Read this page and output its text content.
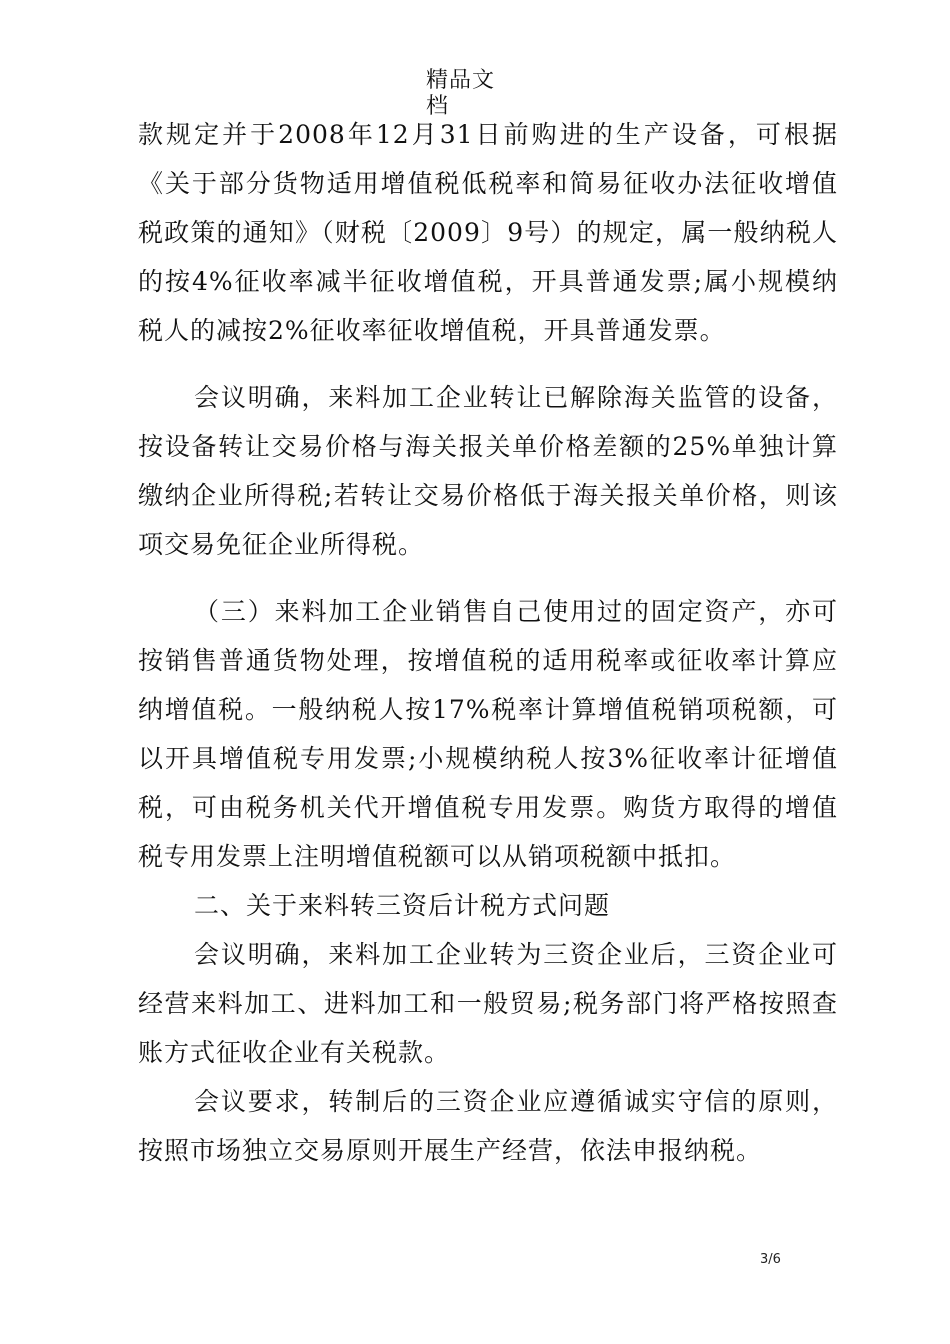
精品文
档

款规定并于2008年12月31日前购进的生产设备，可根据《关于部分货物适用增值税低税率和简易征收办法征收增值税政策的通知》（财税〔2009〕9号）的规定，属一般纳税人的按4%征收率减半征收增值税，开具普通发票;属小规模纳税人的减按2%征收率征收增值税，开具普通发票。

会议明确，来料加工企业转让已解除海关监管的设备，按设备转让交易价格与海关报关单价格差额的25%单独计算缴纳企业所得税;若转让交易价格低于海关报关单价格，则该项交易免征企业所得税。

（三）来料加工企业销售自己使用过的固定资产，亦可按销售普通货物处理，按增值税的适用税率或征收率计算应纳增值税。一般纳税人按17%税率计算增值税销项税额，可以开具增值税专用发票;小规模纳税人按3%征收率计征增值税，可由税务机关代开增值税专用发票。购货方取得的增值税专用发票上注明增值税额可以从销项税额中抵扣。

二、关于来料转三资后计税方式问题

会议明确，来料加工企业转为三资企业后，三资企业可经营来料加工、进料加工和一般贸易;税务部门将严格按照查账方式征收企业有关税款。

会议要求，转制后的三资企业应遵循诚实守信的原则，按照市场独立交易原则开展生产经营，依法申报纳税。

3/6
